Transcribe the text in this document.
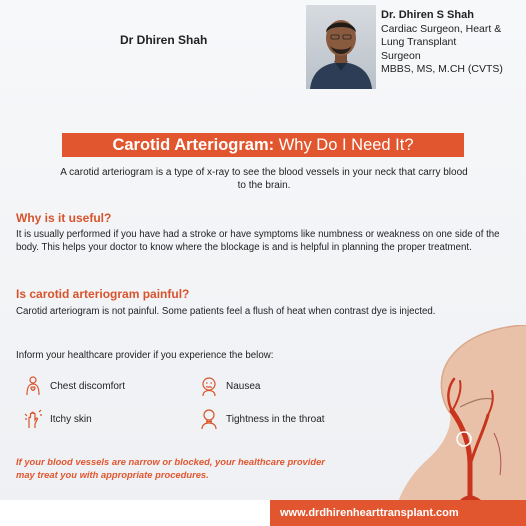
Dr Dhiren Shah
Dr. Dhiren S Shah
Cardiac Surgeon, Heart &
Lung Transplant
Surgeon
MBBS, MS, M.CH (CVTS)
Carotid Arteriogram: Why Do I Need It?
A carotid arteriogram is a type of x-ray to see the blood vessels in your neck that carry blood to the brain.
Why is it useful?
It is usually performed if you have had a stroke or have symptoms like numbness or weakness on one side of the body. This helps your doctor to know where the blockage is and is helpful in planning the proper treatment.
Is carotid arteriogram painful?
Carotid arteriogram is not painful. Some patients feel a flush of heat when contrast dye is injected.
Inform your healthcare provider if you experience the below:
Chest discomfort	Nausea
Itchy skin	Tightness in the throat
If your blood vessels are narrow or blocked, your healthcare provider may treat you with appropriate procedures.
www.drdhirenhearttransplant.com
